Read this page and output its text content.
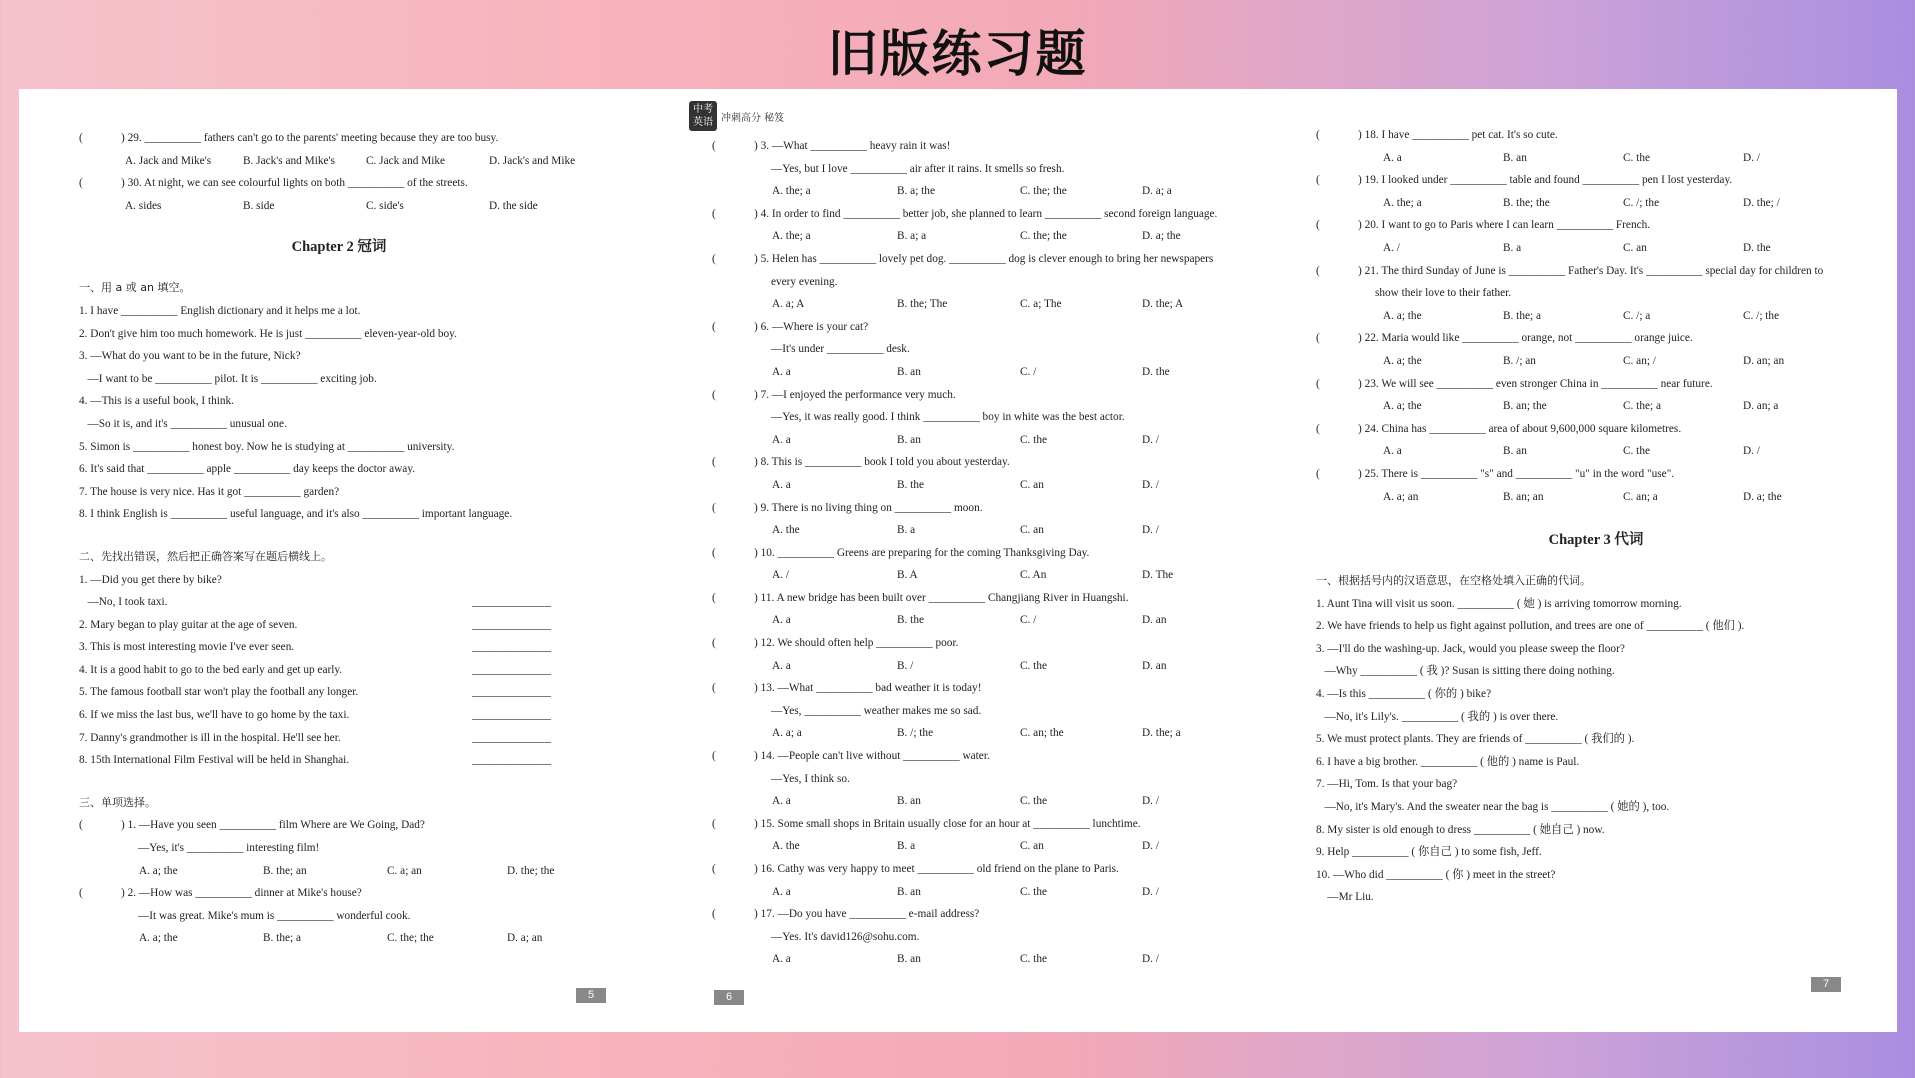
旧版练习题
(	) 29. __________ fathers can't go to the parents' meeting because they are too busy.
A. Jack and Mike's	B. Jack's and Mike's	C. Jack and Mike	D. Jack's and Mike
(	) 30. At night, we can see colourful lights on both __________ of the streets.
A. sides	B. side	C. side's	D. the side
Chapter 2 冠词
一、用 a 或 an 填空。
1. I have __________ English dictionary and it helps me a lot.
2. Don't give him too much homework. He is just __________ eleven-year-old boy.
3. —What do you want to be in the future, Nick?
—I want to be __________ pilot. It is __________ exciting job.
4. —This is a useful book, I think.
—So it is, and it's __________ unusual one.
5. Simon is __________ honest boy. Now he is studying at __________ university.
6. It's said that __________ apple __________ day keeps the doctor away.
7. The house is very nice. Has it got __________ garden?
8. I think English is __________ useful language, and it's also __________ important language.
二、先找出错误，然后把正确答案写在题后横线上。
1. —Did you get there by bike?
—No, I took taxi.	______________
2. Mary began to play guitar at the age of seven.	______________
3. This is most interesting movie I've ever seen.	______________
4. It is a good habit to go to the bed early and get up early.	______________
5. The famous football star won't play the football any longer.	______________
6. If we miss the last bus, we'll have to go home by the taxi.	______________
7. Danny's grandmother is ill in the hospital. He'll see her.	______________
8. 15th International Film Festival will be held in Shanghai.	______________
三、单项选择。
(	) 1. —Have you seen __________ film Where are We Going, Dad?
—Yes, it's __________ interesting film!
A. a; the	B. the; an	C. a; an	D. the; the
(	) 2. —How was __________ dinner at Mike's house?
—It was great. Mike's mum is __________ wonderful cook.
A. a; the	B. the; a	C. the; the	D. a; an
5
中考英语 冲刺高分 秘笈
(	) 3. —What __________ heavy rain it was!
—Yes, but I love __________ air after it rains. It smells so fresh.
A. the; a	B. a; the	C. the; the	D. a; a
(	) 4. In order to find __________ better job, she planned to learn __________ second foreign language.
A. the; a	B. a; a	C. the; the	D. a; the
(	) 5. Helen has __________ lovely pet dog. __________ dog is clever enough to bring her newspapers
every evening.
A. a; A	B. the; The	C. a; The	D. the; A
(	) 6. —Where is your cat?
—It's under __________ desk.
A. a	B. an	C. /	D. the
(	) 7. —I enjoyed the performance very much.
—Yes, it was really good. I think __________ boy in white was the best actor.
A. a	B. an	C. the	D. /
(	) 8. This is __________ book I told you about yesterday.
A. a	B. the	C. an	D. /
(	) 9. There is no living thing on __________ moon.
A. the	B. a	C. an	D. /
(	) 10. __________ Greens are preparing for the coming Thanksgiving Day.
A. /	B. A	C. An	D. The
(	) 11. A new bridge has been built over __________ Changjiang River in Huangshi.
A. a	B. the	C. /	D. an
(	) 12. We should often help __________ poor.
A. a	B. /	C. the	D. an
(	) 13. —What __________ bad weather it is today!
—Yes, __________ weather makes me so sad.
A. a; a	B. /; the	C. an; the	D. the; a
(	) 14. —People can't live without __________ water.
—Yes, I think so.
A. a	B. an	C. the	D. /
(	) 15. Some small shops in Britain usually close for an hour at __________ lunchtime.
A. the	B. a	C. an	D. /
(	) 16. Cathy was very happy to meet __________ old friend on the plane to Paris.
A. a	B. an	C. the	D. /
(	) 17. —Do you have __________ e-mail address?
—Yes. It's david126@sohu.com.
A. a	B. an	C. the	D. /
6
(	) 18. I have __________ pet cat. It's so cute.
A. a	B. an	C. the	D. /
(	) 19. I looked under __________ table and found __________ pen I lost yesterday.
A. the; a	B. the; the	C. /; the	D. the; /
(	) 20. I want to go to Paris where I can learn __________ French.
A. /	B. a	C. an	D. the
(	) 21. The third Sunday of June is __________ Father's Day. It's __________ special day for children to
show their love to their father.
A. a; the	B. the; a	C. /; a	C. /; the
(	) 22. Maria would like __________ orange, not __________ orange juice.
A. a; the	B. /; an	C. an; /	D. an; an
(	) 23. We will see __________ even stronger China in __________ near future.
A. a; the	B. an; the	C. the; a	D. an; a
(	) 24. China has __________ area of about 9,600,000 square kilometres.
A. a	B. an	C. the	D. /
(	) 25. There is __________ "s" and __________ "u" in the word "use".
A. a; an	B. an; an	C. an; a	D. a; the
Chapter 3 代词
一、根据括号内的汉语意思，在空格处填入正确的代词。
1. Aunt Tina will visit us soon. __________ ( 她 ) is arriving tomorrow morning.
2. We have friends to help us fight against pollution, and trees are one of __________ ( 他们 ).
3. —I'll do the washing-up. Jack, would you please sweep the floor?
—Why __________ ( 我 )? Susan is sitting there doing nothing.
4. —Is this __________ ( 你的 ) bike?
—No, it's Lily's. __________ ( 我的 ) is over there.
5. We must protect plants. They are friends of __________ ( 我们的 ).
6. I have a big brother. __________ ( 他的 ) name is Paul.
7. —Hi, Tom. Is that your bag?
—No, it's Mary's. And the sweater near the bag is __________ ( 她的 ), too.
8. My sister is old enough to dress __________ ( 她自己 ) now.
9. Help __________ ( 你自己 ) to some fish, Jeff.
10. —Who did __________ ( 你 ) meet in the street?
—Mr Liu.
7
